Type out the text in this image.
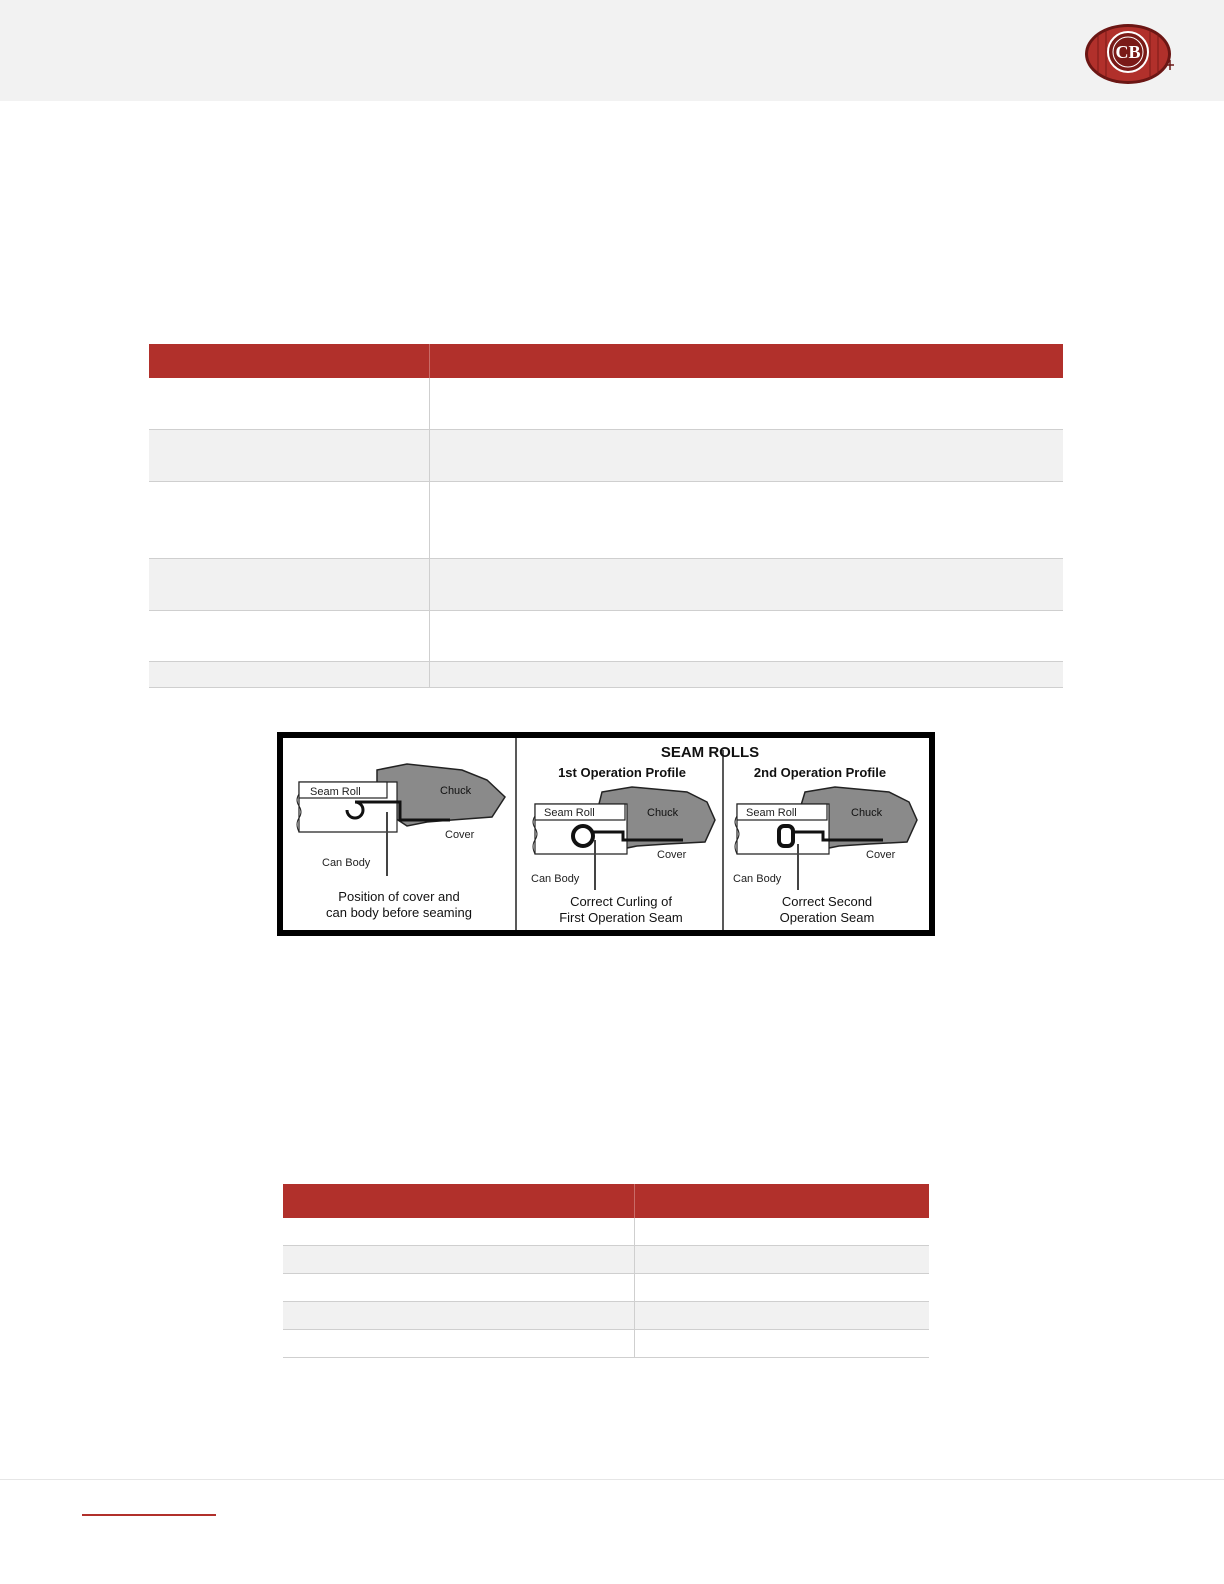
CB
SEAM ROLLS
Seam Roll	Chuck
Cover
Can Body
Position of cover and
can body before seaming
1st Operation Profile
Seam Roll	Chuck
Cover
Can Body
Correct Curling of
First Operation Seam
2nd Operation Profile
Seam Roll	Chuck
Cover
Can Body
Correct Second
Operation Seam
